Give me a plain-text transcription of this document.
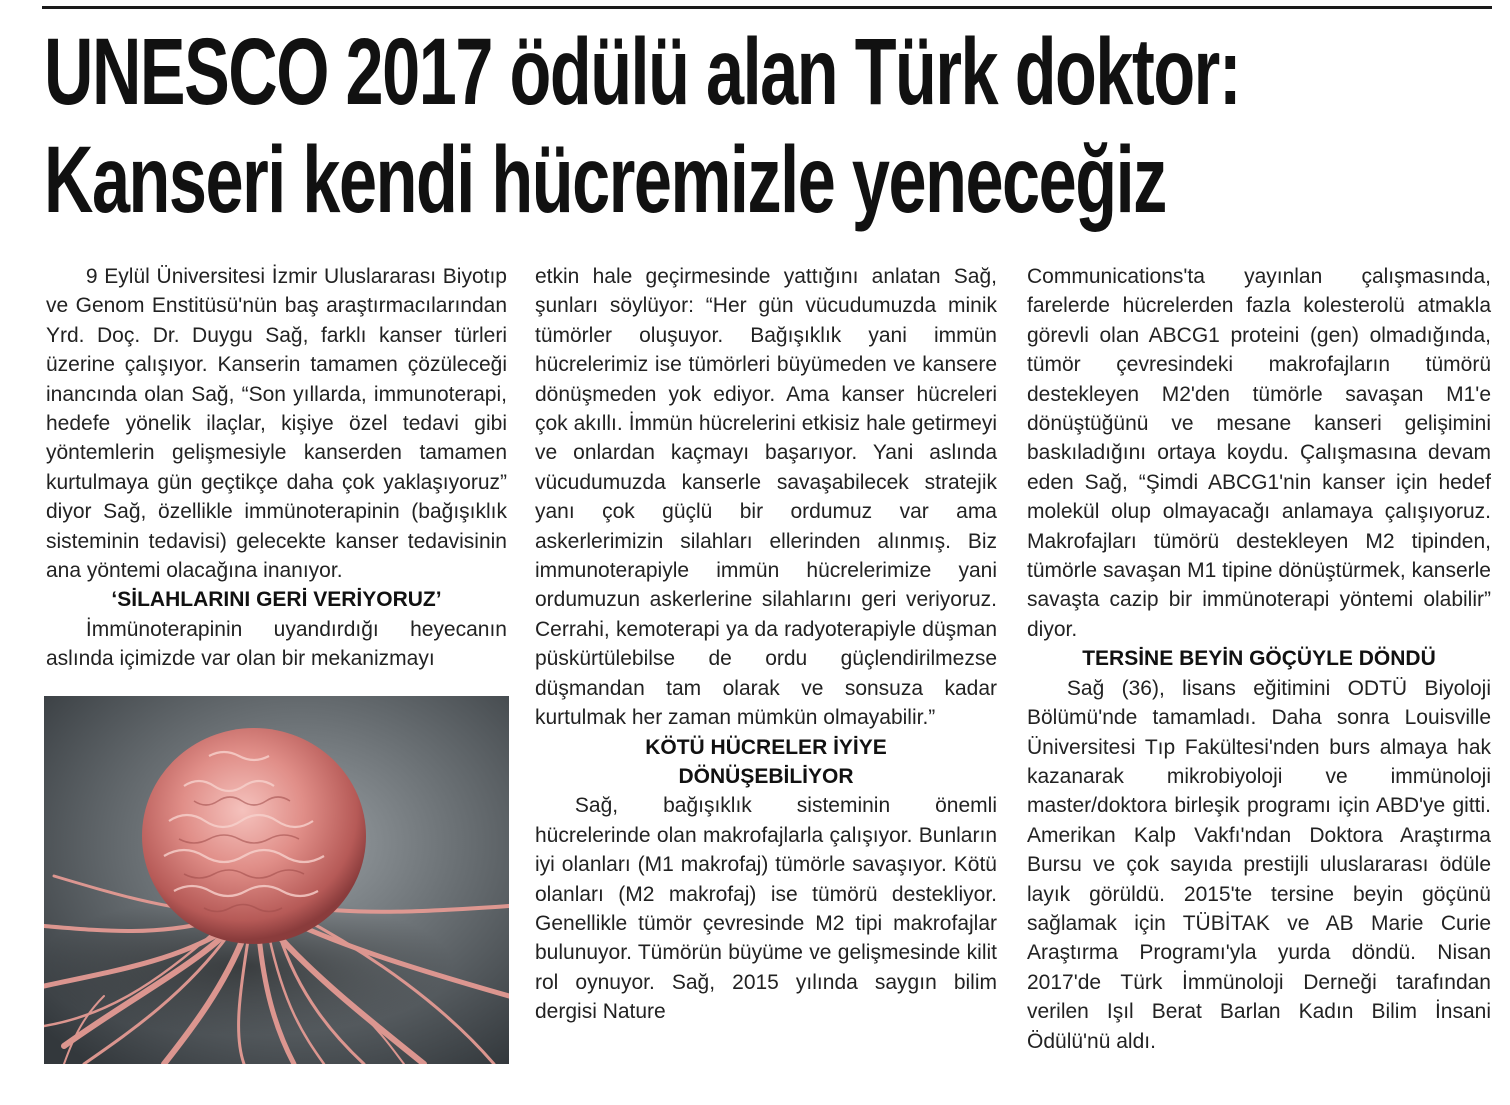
UNESCO 2017 ödülü alan Türk doktor:
Kanseri kendi hücremizle yeneceğiz

9 Eylül Üniversitesi İzmir Uluslararası Biyotıp ve Genom Enstitüsü'nün baş araştırmacılarından Yrd. Doç. Dr. Duygu Sağ, farklı kanser türleri üzerine çalışıyor. Kanserin tamamen çözüleceği inancında olan Sağ, “Son yıllarda, immunoterapi, hedefe yönelik ilaçlar, kişiye özel tedavi gibi yöntemlerin gelişmesiyle kanserden tamamen kurtulmaya gün geçtikçe daha çok yaklaşıyoruz” diyor Sağ, özellikle immünoterapinin (bağışıklık sisteminin tedavisi) gelecekte kanser tedavisinin ana yöntemi olacağına inanıyor.

‘SİLAHLARINI GERİ VERİYORUZ’

İmmünoterapinin uyandırdığı heyecanın aslında içimizde var olan bir mekanizmayı

etkin hale geçirmesinde yattığını anlatan Sağ, şunları söylüyor: “Her gün vücudumuzda minik tümörler oluşuyor. Bağışıklık yani immün hücrelerimiz ise tümörleri büyümeden ve kansere dönüşmeden yok ediyor. Ama kanser hücreleri çok akıllı. İmmün hücrelerini etkisiz hale getirmeyi ve onlardan kaçmayı başarıyor. Yani aslında vücudumuzda kanserle savaşabilecek stratejik yanı çok güçlü bir ordumuz var ama askerlerimizin silahları ellerinden alınmış. Biz immunoterapiyle immün hücrelerimize yani ordumuzun askerlerine silahlarını geri veriyoruz. Cerrahi, kemoterapi ya da radyoterapiyle düşman püskürtülebilse de ordu güçlendirilmezse düşmandan tam olarak ve sonsuza kadar kurtulmak her zaman mümkün olmayabilir.”

KÖTÜ HÜCRELER İYİYE DÖNÜŞEBİLİYOR

Sağ, bağışıklık sisteminin önemli hücrelerinde olan makrofajlarla çalışıyor. Bunların iyi olanları (M1 makrofaj) tümörle savaşıyor. Kötü olanları (M2 makrofaj) ise tümörü destekliyor. Genellikle tümör çevresinde M2 tipi makrofajlar bulunuyor. Tümörün büyüme ve gelişmesinde kilit rol oynuyor. Sağ, 2015 yılında saygın bilim dergisi Nature

Communications'ta yayınlan çalışmasında, farelerde hücrelerden fazla kolesterolü atmakla görevli olan ABCG1 proteini (gen) olmadığında, tümör çevresindeki makrofajların tümörü destekleyen M2'den tümörle savaşan M1'e dönüştüğünü ve mesane kanseri gelişimini baskıladığını ortaya koydu. Çalışmasına devam eden Sağ, “Şimdi ABCG1'nin kanser için hedef molekül olup olmayacağı anlamaya çalışıyoruz. Makrofajları tümörü destekleyen M2 tipinden, tümörle savaşan M1 tipine dönüştürmek, kanserle savaşta cazip bir immünoterapi yöntemi olabilir” diyor.

TERSİNE BEYİN GÖÇÜYLE DÖNDÜ

Sağ (36), lisans eğitimini ODTÜ Biyoloji Bölümü'nde tamamladı. Daha sonra Louisville Üniversitesi Tıp Fakültesi'nden burs almaya hak kazanarak mikrobiyoloji ve immünoloji master/doktora birleşik programı için ABD'ye gitti. Amerikan Kalp Vakfı'ndan Doktora Araştırma Bursu ve çok sayıda prestijli uluslararası ödüle layık görüldü. 2015'te tersine beyin göçünü sağlamak için TÜBİTAK ve AB Marie Curie Araştırma Programı'yla yurda döndü. Nisan 2017'de Türk İmmünoloji Derneği tarafından verilen Işıl Berat Barlan Kadın Bilim İnsani Ödülü'nü aldı.
